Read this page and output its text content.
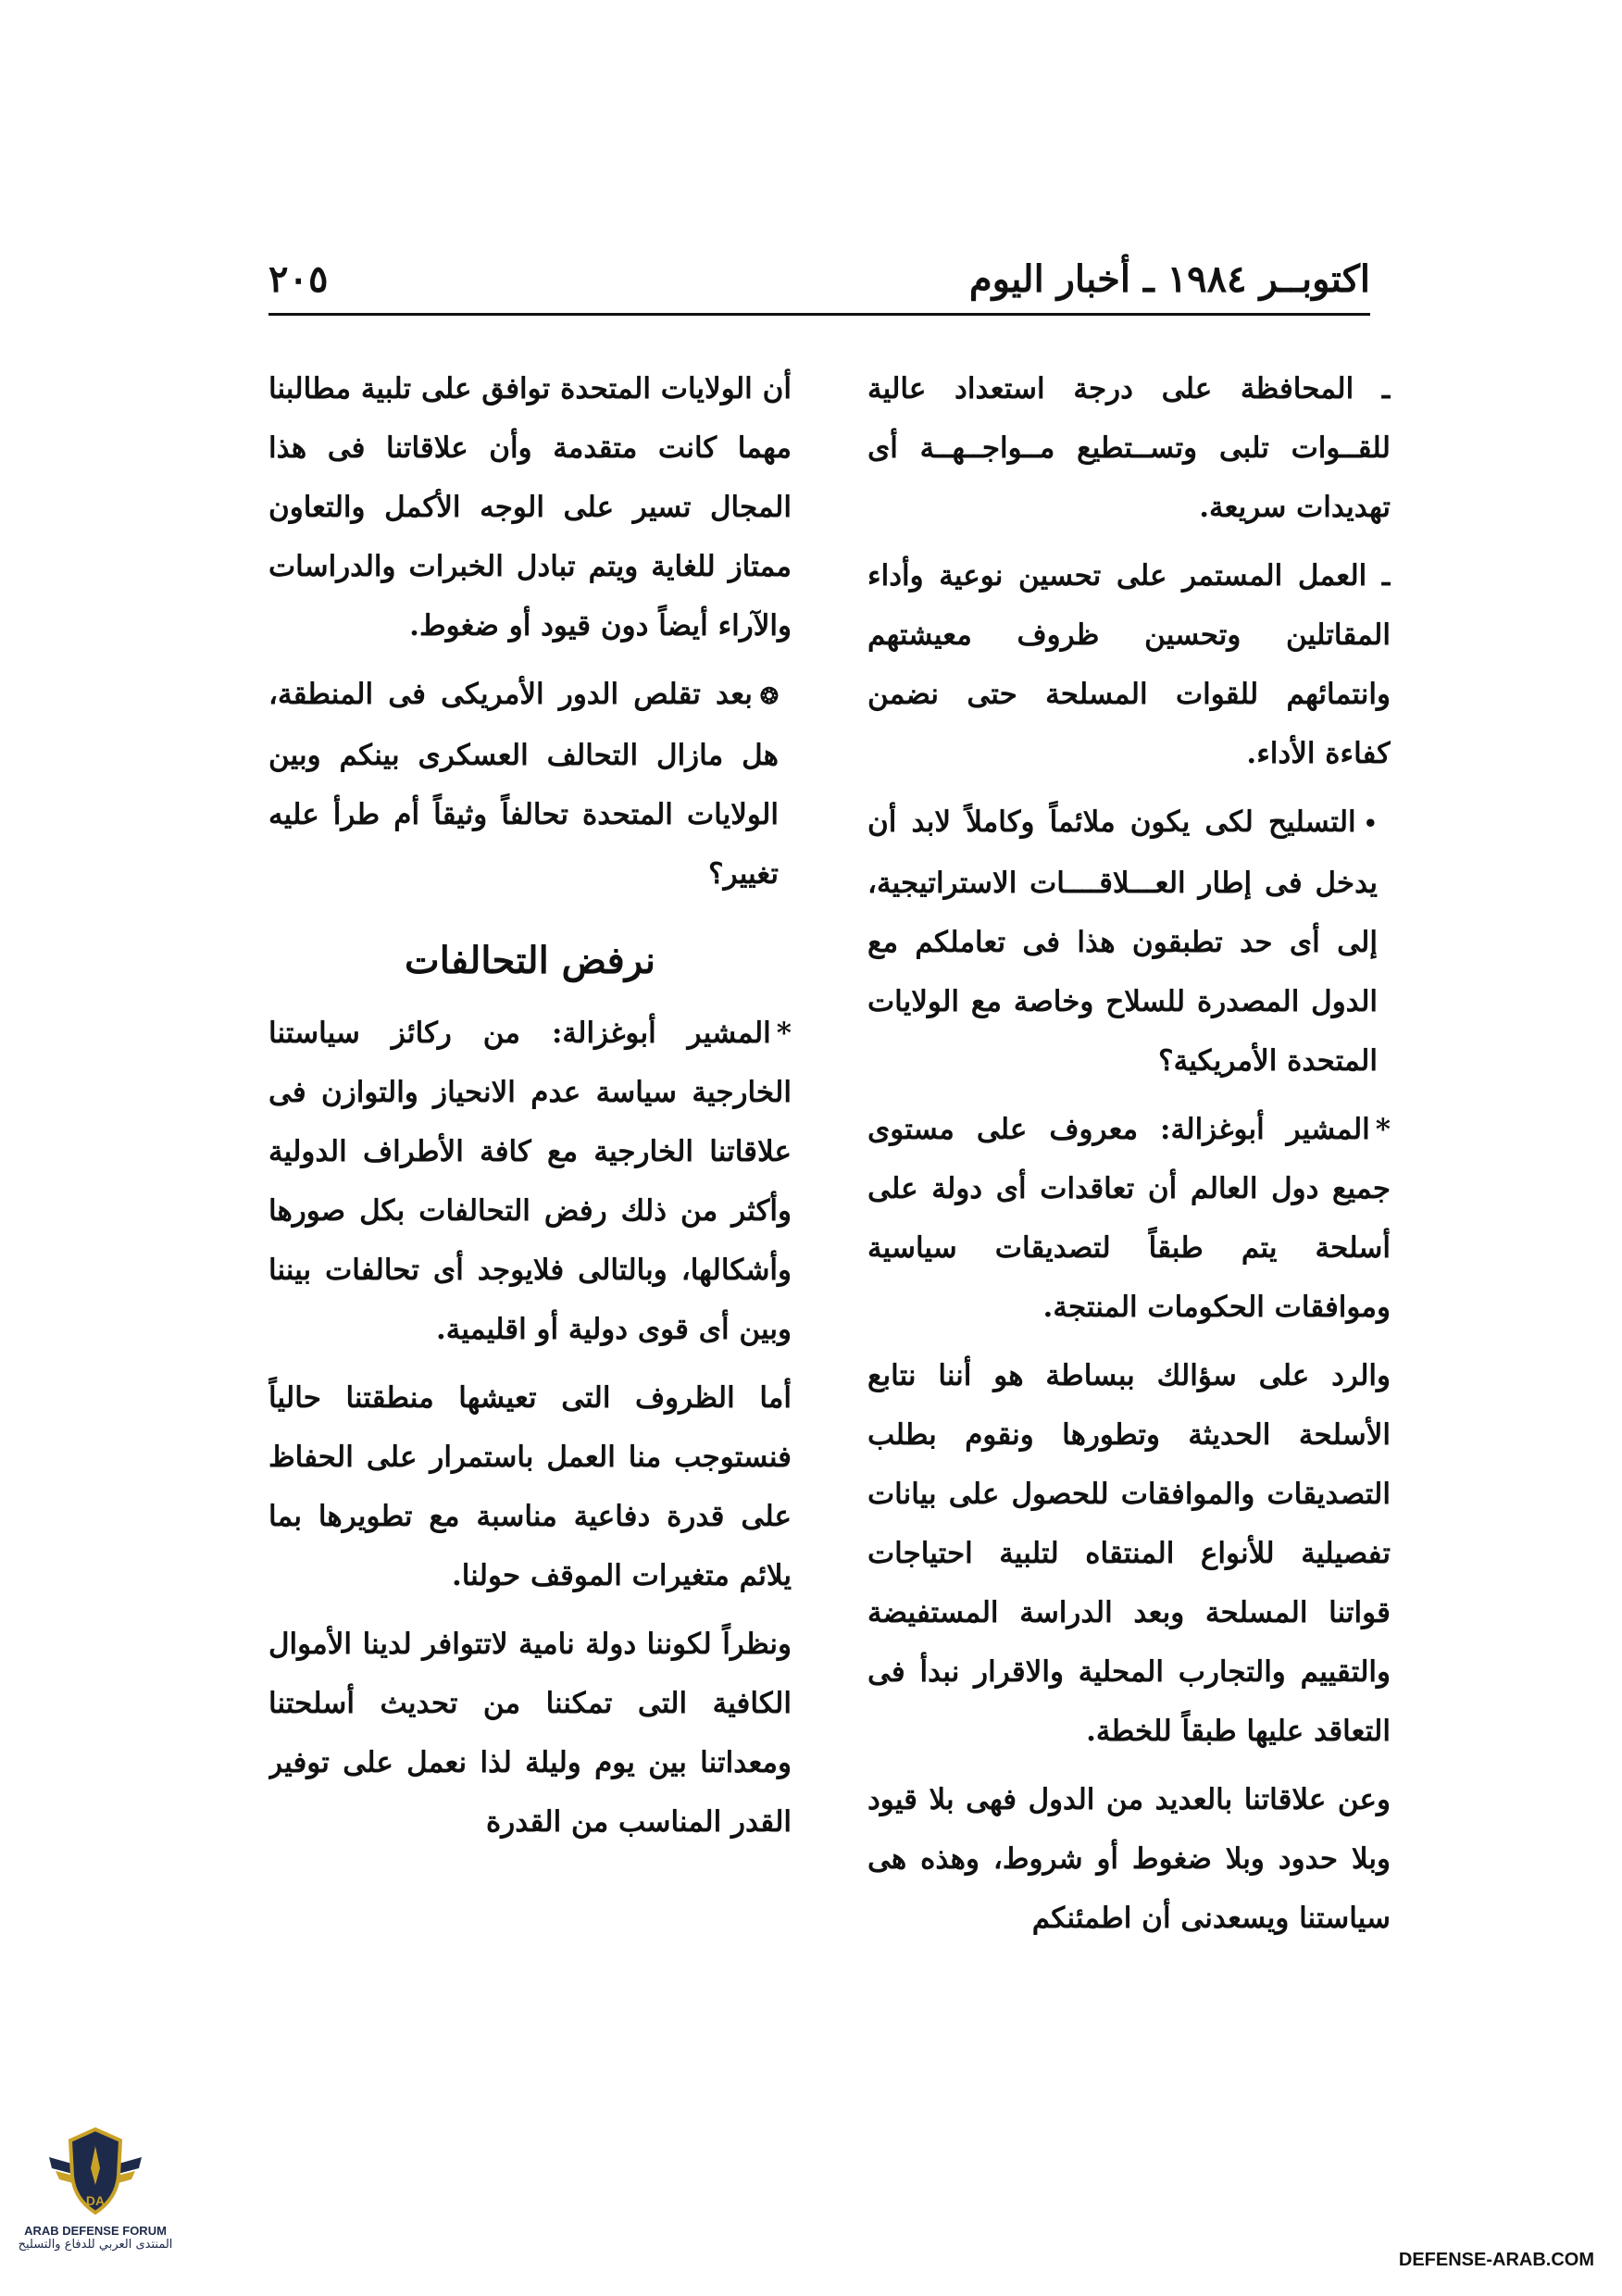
اكتوبــر ١٩٨٤ ـ أخبار اليوم
٢٠٥

ـ المحافظة على درجة استعداد عالية للقــوات تلبى وتســتطيع مــواجــهــة أى تهديدات سريعة.

ـ العمل المستمر على تحسين نوعية وأداء المقاتلين وتحسين ظروف معيشتهم وانتمائهم للقوات المسلحة حتى نضمن كفاءة الأداء.

•التسليح لكى يكون ملائماً وكاملاً لابد أن يدخل فى إطار العـــلاقــــات الاستراتيجية، إلى أى حد تطبقون هذا فى تعاملكم مع الدول المصدرة للسلاح وخاصة مع الولايات المتحدة الأمريكية؟

*المشير أبوغزالة: معروف على مستوى جميع دول العالم أن تعاقدات أى دولة على أسلحة يتم طبقاً لتصديقات سياسية وموافقات الحكومات المنتجة.

والرد على سؤالك ببساطة هو أننا نتابع الأسلحة الحديثة وتطورها ونقوم بطلب التصديقات والموافقات للحصول على بيانات تفصيلية للأنواع المنتقاه لتلبية احتياجات قواتنا المسلحة وبعد الدراسة المستفيضة والتقييم والتجارب المحلية والاقرار نبدأ فى التعاقد عليها طبقاً للخطة.

وعن علاقاتنا بالعديد من الدول فهى بلا قيود وبلا حدود وبلا ضغوط أو شروط، وهذه هى سياستنا ويسعدنى أن اطمئنكم

أن الولايات المتحدة توافق على تلبية مطالبنا مهما كانت متقدمة وأن علاقاتنا فى هذا المجال تسير على الوجه الأكمل والتعاون ممتاز للغاية ويتم تبادل الخبرات والدراسات والآراء أيضاً دون قيود أو ضغوط.

❂بعد تقلص الدور الأمريكى فى المنطقة، هل مازال التحالف العسكرى بينكم وبين الولايات المتحدة تحالفاً وثيقاً أم طرأ عليه تغيير؟

نرفض التحالفات

*المشير أبوغزالة: من ركائز سياستنا الخارجية سياسة عدم الانحياز والتوازن فى علاقاتنا الخارجية مع كافة الأطراف الدولية وأكثر من ذلك رفض التحالفات بكل صورها وأشكالها، وبالتالى فلايوجد أى تحالفات بيننا وبين أى قوى دولية أو اقليمية.

أما الظروف التى تعيشها منطقتنا حالياً فنستوجب منا العمل باستمرار على الحفاظ على قدرة دفاعية مناسبة مع تطويرها بما يلائم متغيرات الموقف حولنا.

ونظراً لكوننا دولة نامية لاتتوافر لدينا الأموال الكافية التى تمكننا من تحديث أسلحتنا ومعداتنا بين يوم وليلة لذا نعمل على توفير القدر المناسب من القدرة

DA
ARAB DEFENSE FORUM
المنتدى العربي للدفاع والتسليح
DEFENSE-ARAB.COM
